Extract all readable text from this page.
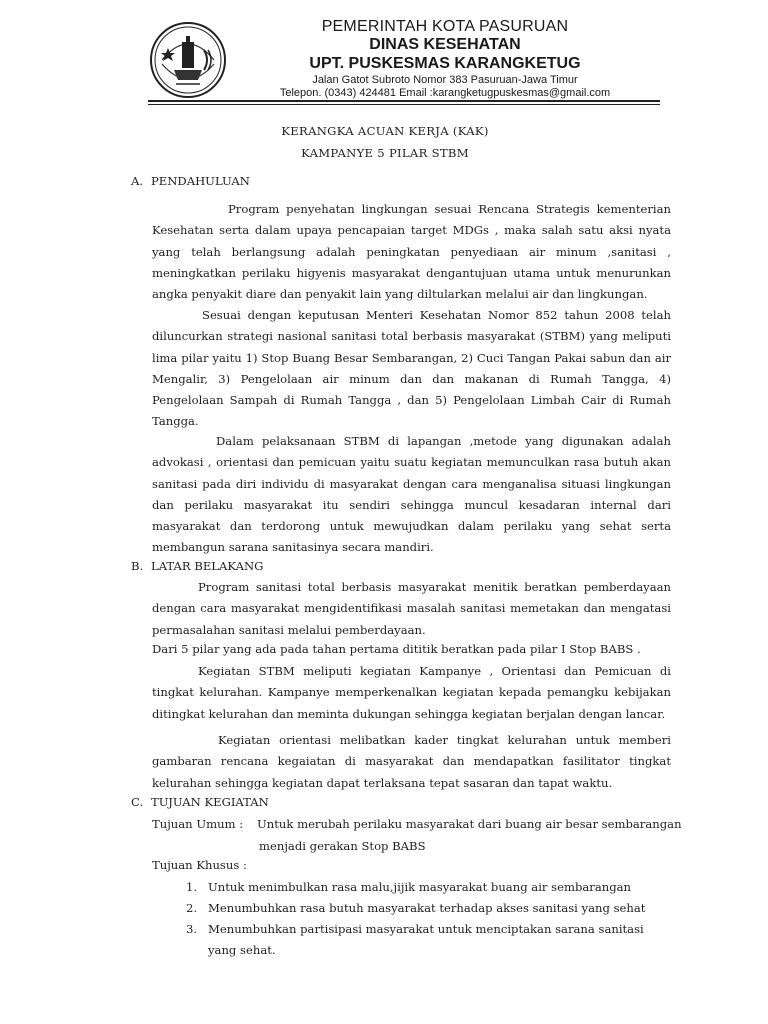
PEMERINTAH KOTA PASURUAN
DINAS KESEHATAN
UPT. PUSKESMAS KARANGKETUG
Jalan Gatot Subroto Nomor 383 Pasuruan-Jawa Timur
Telepon. (0343) 424481 Email :karangketugpuskesmas@gmail.com
KERANGKA ACUAN KERJA (KAK)
KAMPANYE 5 PILAR STBM
A. PENDAHULUAN

Program penyehatan lingkungan sesuai Rencana Strategis kementerian Kesehatan serta dalam upaya pencapaian target MDGs , maka salah satu aksi nyata yang telah berlangsung adalah peningkatan penyediaan air minum ,sanitasi , meningkatkan perilaku higyenis masyarakat dengantujuan utama untuk menurunkan angka penyakit diare dan penyakit lain yang diltularkan melalui air dan lingkungan.

Sesuai dengan keputusan Menteri Kesehatan Nomor 852 tahun 2008 telah diluncurkan strategi nasional sanitasi total berbasis masyarakat (STBM) yang meliputi lima pilar yaitu 1) Stop Buang Besar Sembarangan, 2) Cuci Tangan Pakai sabun dan air Mengalir, 3) Pengelolaan air minum dan dan makanan di Rumah Tangga, 4) Pengelolaan Sampah di Rumah Tangga , dan 5) Pengelolaan Limbah Cair di Rumah Tangga.

Dalam pelaksanaan STBM di lapangan ,metode yang digunakan adalah advokasi , orientasi dan pemicuan yaitu suatu kegiatan memunculkan rasa butuh akan sanitasi pada diri individu di masyarakat dengan cara menganalisa situasi lingkungan dan perilaku masyarakat itu sendiri sehingga muncul kesadaran internal dari masyarakat dan terdorong untuk mewujudkan dalam perilaku yang sehat serta membangun sarana sanitasinya secara mandiri.

B. LATAR BELAKANG

Program sanitasi total berbasis masyarakat menitik beratkan pemberdayaan dengan cara masyarakat mengidentifikasi masalah sanitasi memetakan dan mengatasi permasalahan sanitasi melalui pemberdayaan.

Dari 5 pilar yang ada pada tahan pertama dititik beratkan pada pilar I Stop BABS .

Kegiatan STBM meliputi kegiatan Kampanye , Orientasi dan Pemicuan di tingkat kelurahan. Kampanye memperkenalkan kegiatan kepada pemangku kebijakan ditingkat kelurahan dan meminta dukungan sehingga kegiatan berjalan dengan lancar.

Kegiatan orientasi melibatkan kader tingkat kelurahan untuk memberi gambaran rencana kegaiatan di masyarakat dan mendapatkan fasilitator tingkat kelurahan sehingga kegiatan dapat terlaksana tepat sasaran dan tapat waktu.

C. TUJUAN KEGIATAN
Tujuan Umum : Untuk merubah perilaku masyarakat dari buang air besar sembarangan
menjadi gerakan Stop BABS
Tujuan Khusus :
1. Untuk menimbulkan rasa malu,jijik masyarakat buang air sembarangan
2. Menumbuhkan rasa butuh masyarakat terhadap akses sanitasi yang sehat
3. Menumbuhkan partisipasi masyarakat untuk menciptakan sarana sanitasi
yang sehat.
